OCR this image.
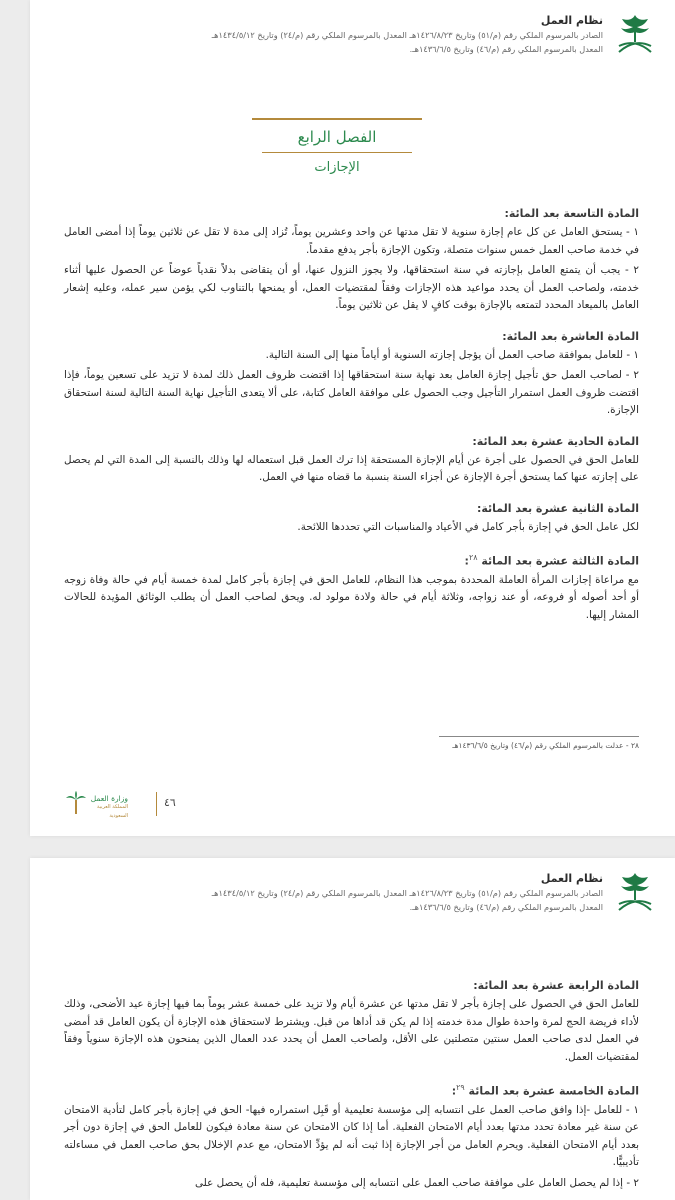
نظام العمل
الصادر بالمرسوم الملكي رقم (م/٥١) وتاريخ ١٤٢٦/٨/٢٣هـ المعدل بالمرسوم الملكي رقم (م/٢٤) وتاريخ ١٤٣٤/٥/١٢هـ
المعدل بالمرسوم الملكي رقم (م/٤٦) وتاريخ ١٤٣٦/٦/٥هـ.
الفصل الرابع
الإجازات
المادة التاسعة بعد المائة:
١ - يستحق العامل عن كل عام إجازة سنوية لا تقل مدتها عن واحد وعشرين يوماً، تُزاد إلى مدة لا تقل عن ثلاثين يوماً إذا أمضى العامل في خدمة صاحب العمل خمس سنوات متصلة، وتكون الإجازة بأجر يدفع مقدماً.
٢ - يجب أن يتمتع العامل بإجازته في سنة استحقاقها، ولا يجوز النزول عنها، أو أن يتقاضى بدلاً نقدياً عوضاً عن الحصول عليها أثناء خدمته، ولصاحب العمل أن يحدد مواعيد هذه الإجازات وفقاً لمقتضيات العمل، أو يمنحها بالتناوب لكي يؤمن سير عمله، وعليه إشعار العامل بالميعاد المحدد لتمتعه بالإجازة بوقت كافٍ لا يقل عن ثلاثين يوماً.
المادة العاشرة بعد المائة:
١ - للعامل بموافقة صاحب العمل أن يؤجل إجازته السنوية أو أياماً منها إلى السنة التالية.
٢ - لصاحب العمل حق تأجيل إجازة العامل بعد نهاية سنة استحقاقها إذا اقتضت ظروف العمل ذلك لمدة لا تزيد على تسعين يوماً، فإذا اقتضت ظروف العمل استمرار التأجيل وجب الحصول على موافقة العامل كتابة، على ألا يتعدى التأجيل نهاية السنة التالية لسنة استحقاق الإجازة.
المادة الحادية عشرة بعد المائة:
للعامل الحق في الحصول على أجرة عن أيام الإجازة المستحقة إذا ترك العمل قبل استعماله لها وذلك بالنسبة إلى المدة التي لم يحصل على إجازته عنها كما يستحق أجرة الإجازة عن أجزاء السنة بنسبة ما قضاه منها في العمل.
المادة الثانية عشرة بعد المائة:
لكل عامل الحق في إجازة بأجر كامل في الأعياد والمناسبات التي تحددها اللائحة.
المادة الثالثة عشرة بعد المائة $^{٢٨}$:
مع مراعاة إجازات المرأة العاملة المحددة بموجب هذا النظام، للعامل الحق في إجازة بأجر كامل لمدة خمسة أيام في حالة وفاة زوجه أو أحد أصوله أو فروعه، أو عند زواجه، وثلاثة أيام في حالة ولادة مولود له. ويحق لصاحب العمل أن يطلب الوثائق المؤيدة للحالات المشار إليها.
٢٨ - عدلت بالمرسوم الملكي رقم (م/٤٦) وتاريخ ١٤٣٦/٦/٥هـ
وزارة العمل
المملكة العربية السعودية
٤٦
نظام العمل
الصادر بالمرسوم الملكي رقم (م/٥١) وتاريخ ١٤٢٦/٨/٢٣هـ المعدل بالمرسوم الملكي رقم (م/٢٤) وتاريخ ١٤٣٤/٥/١٢هـ
المعدل بالمرسوم الملكي رقم (م/٤٦) وتاريخ ١٤٣٦/٦/٥هـ.
المادة الرابعة عشرة بعد المائة:
للعامل الحق في الحصول على إجازة بأجر لا تقل مدتها عن عشرة أيام ولا تزيد على خمسة عشر يوماً بما فيها إجازة عيد الأضحى، وذلك لأداء فريضة الحج لمرة واحدة طوال مدة خدمته إذا لم يكن قد أداها من قبل. ويشترط لاستحقاق هذه الإجازة أن يكون العامل قد أمضى في العمل لدى صاحب العمل سنتين متصلتين على الأقل، ولصاحب العمل أن يحدد عدد العمال الذين يمنحون هذه الإجازة سنوياً وفقاً لمقتضيات العمل.
المادة الخامسة عشرة بعد المائة $^{٢٩}$:
١ - للعامل -إذا وافق صاحب العمل على انتسابه إلى مؤسسة تعليمية أو قَبِل استمراره فيها- الحق في إجازة بأجر كامل لتأدية الامتحان عن سنة غير معادة تحدد مدتها بعدد أيام الامتحان الفعلية. أما إذا كان الامتحان عن سنة معادة فيكون للعامل الحق في إجازة دون أجر بعدد أيام الامتحان الفعلية. ويحرم العامل من أجر الإجازة إذا ثبت أنه لم يؤدِّ الامتحان، مع عدم الإخلال بحق صاحب العمل في مساءلته تأديبيًّا.
٢ - إذا لم يحصل العامل على موافقة صاحب العمل على انتسابه إلى مؤسسة تعليمية، فله أن يحصل على
